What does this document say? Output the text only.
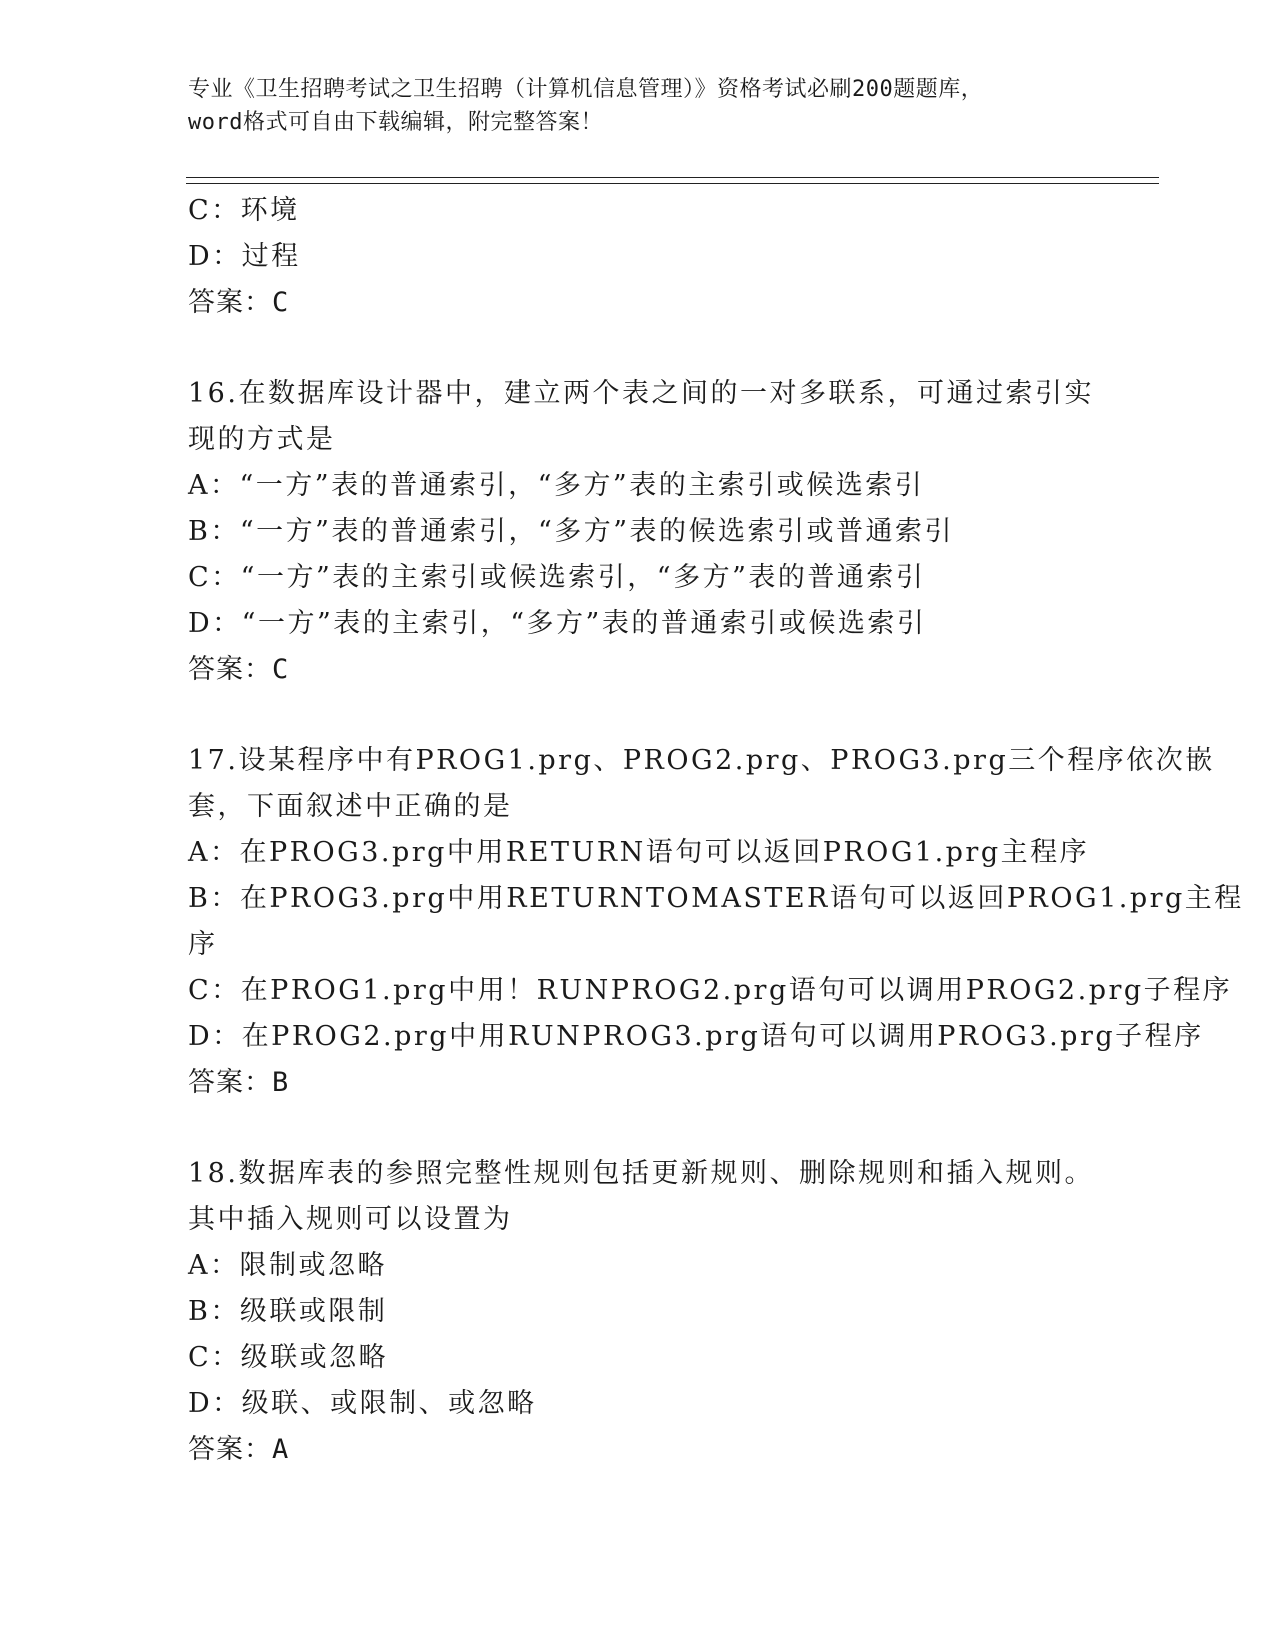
专业《卫生招聘考试之卫生招聘（计算机信息管理）》资格考试必刷200题题库，
word格式可自由下载编辑，附完整答案！
C：环境
D：过程
答案：C
16.在数据库设计器中，建立两个表之间的一对多联系，可通过索引实
现的方式是
A：“一方”表的普通索引，“多方”表的主索引或候选索引
B：“一方”表的普通索引，“多方”表的候选索引或普通索引
C：“一方”表的主索引或候选索引，“多方”表的普通索引
D：“一方”表的主索引，“多方”表的普通索引或候选索引
答案：C
17.设某程序中有PROG1.prg、PROG2.prg、PROG3.prg三个程序依次嵌
套，下面叙述中正确的是
A：在PROG3.prg中用RETURN语句可以返回PROG1.prg主程序
B：在PROG3.prg中用RETURNTOMASTER语句可以返回PROG1.prg主程
序
C：在PROG1.prg中用！RUNPROG2.prg语句可以调用PROG2.prg子程序
D：在PROG2.prg中用RUNPROG3.prg语句可以调用PROG3.prg子程序
答案：B
18.数据库表的参照完整性规则包括更新规则、删除规则和插入规则。
其中插入规则可以设置为
A：限制或忽略
B：级联或限制
C：级联或忽略
D：级联、或限制、或忽略
答案：A
